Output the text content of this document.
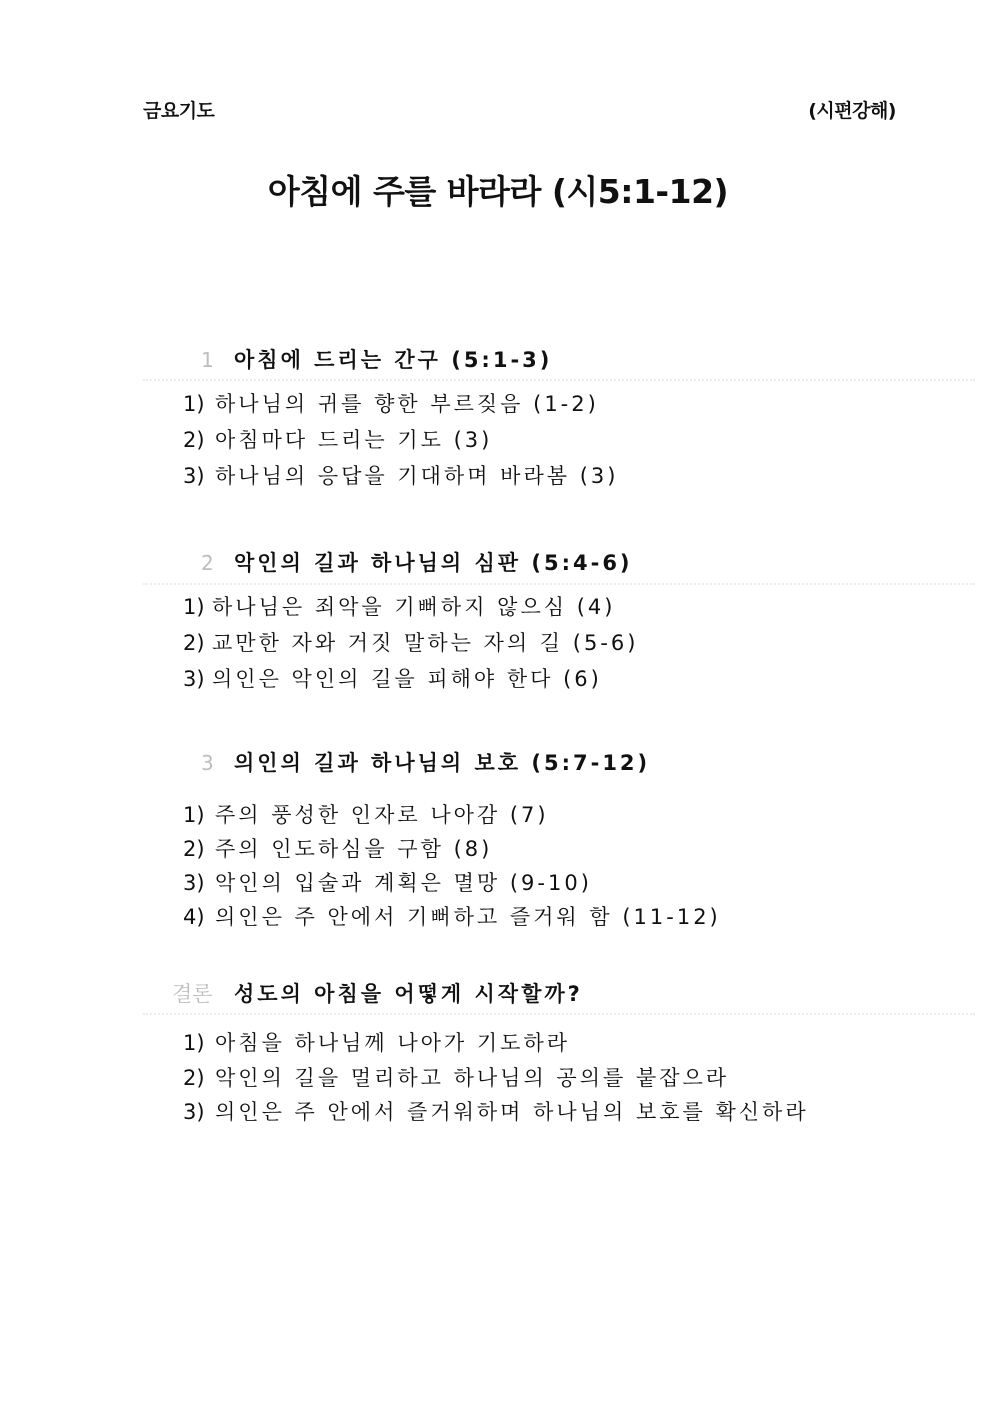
금요기도	(시편강해)
아침에 주를 바라라 (시5:1-12)
1 아침에 드리는 간구 (5:1-3)
1) 하나님의 귀를 향한 부르짖음 (1-2)
2) 아침마다 드리는 기도 (3)
3) 하나님의 응답을 기대하며 바라봄 (3)
2 악인의 길과 하나님의 심판 (5:4-6)
1) 하나님은 죄악을 기뻐하지 않으심 (4)
2) 교만한 자와 거짓 말하는 자의 길 (5-6)
3) 의인은 악인의 길을 피해야 한다 (6)
3 의인의 길과 하나님의 보호 (5:7-12)
1) 주의 풍성한 인자로 나아감 (7)
2) 주의 인도하심을 구함 (8)
3) 악인의 입술과 계획은 멸망 (9-10)
4) 의인은 주 안에서 기뻐하고 즐거워 함 (11-12)
결론 성도의 아침을 어떻게 시작할까?
1) 아침을 하나님께 나아가 기도하라
2) 악인의 길을 멀리하고 하나님의 공의를 붙잡으라
3) 의인은 주 안에서 즐거워하며 하나님의 보호를 확신하라
